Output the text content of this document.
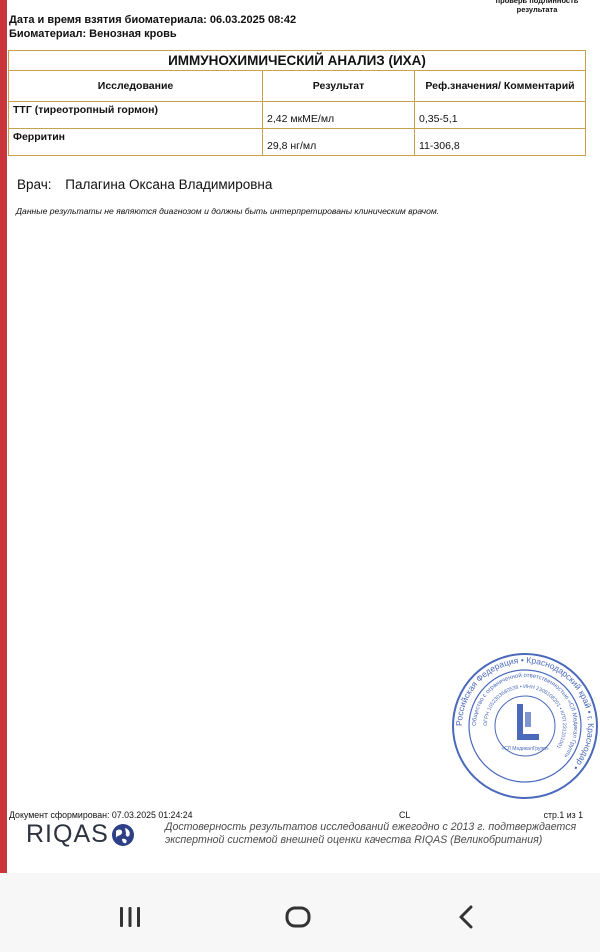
проверь подлинность результата
Дата и время взятия биоматериала: 06.03.2025 08:42
Биоматериал: Венозная кровь
ИММУНОХИМИЧЕСКИЙ АНАЛИЗ (ИХА)		
Исследование	Результат	Реф.значения/ Комментарий
ТТГ (тиреотропный гормон)	2,42 мкМЕ/мл	0,35-5,1
Ферритин	29,8 нг/мл	11-306,8
Врач: Палагина Оксана Владимировна
Данные результаты не являются диагнозом и должны быть интерпретированы клиническим врачом.
Российская Федерация • Краснодарский край • г. Краснодар •
Общество с ограниченной ответственностью «СЛ Медикал Групп»
ОГРН 1052303680538 • ИНН 2308108201 • КПП 231101001
«СЛ МедикалГрупп»
Документ сформирован: 07.03.2025 01:24:24	CL	стр.1 из 1
RIQAS	Достоверность результатов исследований ежегодно с 2013 г. подтверждается
экспертной системой внешней оценки качества RIQAS (Великобритания)
